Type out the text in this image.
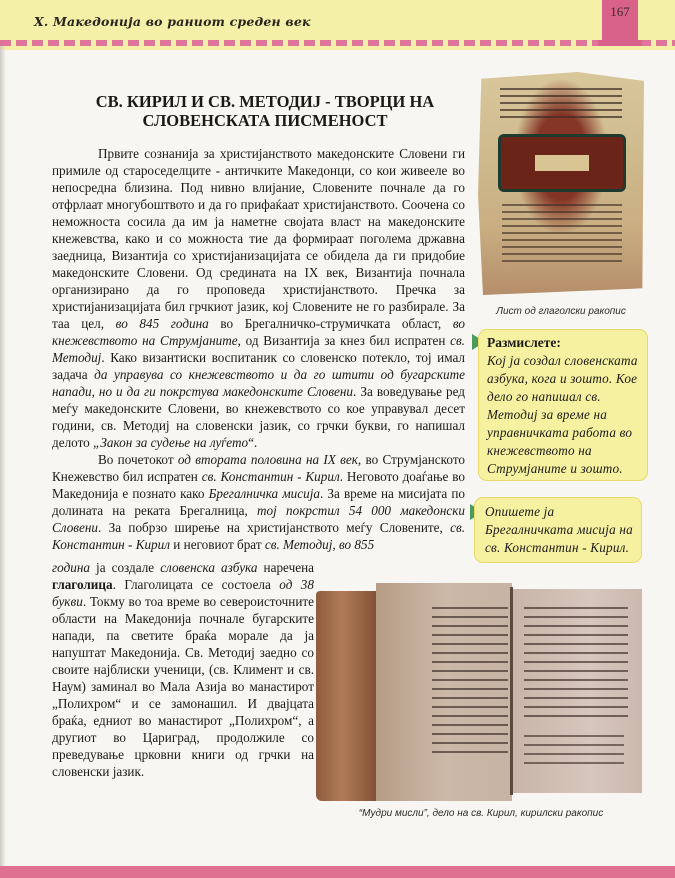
X. Македонија во раниот среден век
167
СВ. КИРИЛ И СВ. МЕТОДИЈ - ТВОРЦИ НА
СЛОВЕНСКАТА ПИСМЕНОСТ

Првите сознанија за христијанството македонските Словени ги примиле од староседелците - античките Македонци, со кои живееле во непосредна близина. Под нивно влијание, Словените почнале да го отфрлаат многубоштвото и да го прифаќаат христијанството. Соочена со неможноста сосила да им ја наметне својата власт на македонските кнежевства, како и со можноста тие да формираат поголема државна заедница, Византија со христијанизацијата се обидела да ги придобие македонските Словени. Од средината на IX век, Византија почнала организирано да го проповеда христијанството. Пречка за христијанизацијата бил грчкиот јазик, кој Словените не го разбирале. За таа цел, во 845 година во Брегалничко-струмичката област, во кнежевството на Струмјаните, од Византија за кнез бил испратен св. Методиј. Како византиски воспитаник со словенско потекло, тој имал задача да управува со кнежевството и да го штити од бугарските напади, но и да ги покрстува македонските Словени. За воведување ред меѓу македонските Словени, во кнежевството со кое управувал десет години, св. Методиј на словенски јазик, со грчки букви, го напишал делото „Закон за судење на луѓето“.

Во почетокот од втората половина на IX век, во Струмјанското Кнежевство бил испратен св. Константин - Кирил. Неговото доаѓање во Македонија е познато како Брегалничка мисија. За време на мисијата по долината на реката Брегалница, тој покрстил 54 000 македонски Словени. За побрзо ширење на христијанството меѓу Словените, св. Константин - Кирил и неговиот брат св. Методиј, во 855

година ја создале словенска азбука наречена глаголица. Глаголицата се состоела од 38 букви. Токму во тоа време во североисточните области на Македонија почнале бугарските напади, па светите браќа морале да ја напуштат Македонија. Св. Методиј заедно со своите најблиски ученици, (св. Климент и св. Наум) заминал во Мала Азија во манастирот „Полихром“ и се замонашил. И двајцата браќа, едниот во манастирот „Полихром“, а другиот во Цариград, продолжиле со преведување црковни книги од грчки на словенски јазик.
Лист од глаголски ракопис
Размислете:
Кој ја создал словенската азбука, кога и зошто. Кое дело го напишал св. Методиј за време на управничката работа во кнежевството на Струмјаните и зошто.
Опишете ја Брегалничката мисија на св. Константин - Кирил.
“Мудри мисли”, дело на св. Кирил, кирилски ракопис
